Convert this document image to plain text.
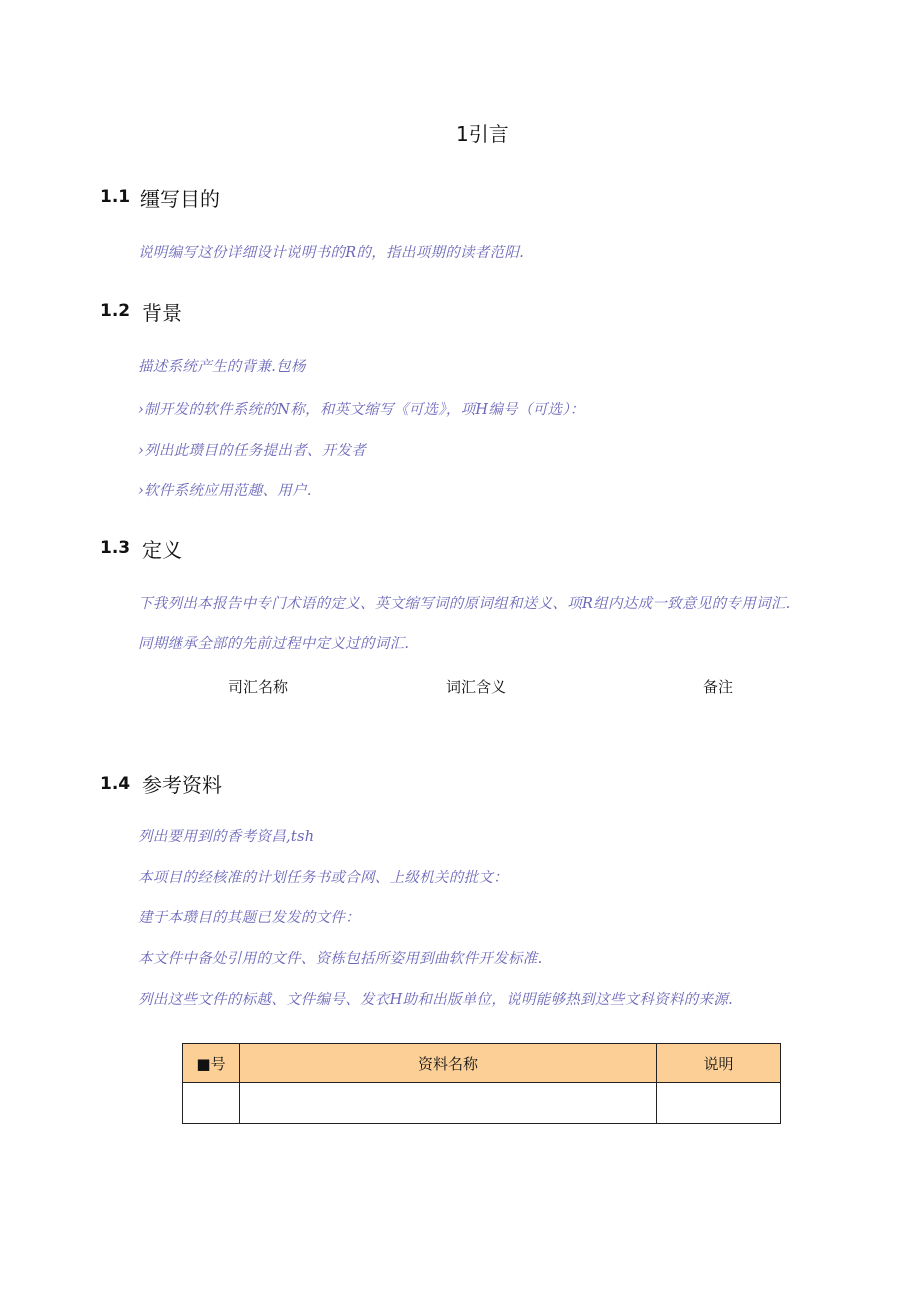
1引言
1.1 缰写目的
说明编写这份详细设计说明书的R的，指出项期的读者范阳.
1.2 背景
描述系统产生的背兼.包杨
›制开发的软件系统的N称，和英文缩写《可选》，项H编号（可选）：
›列出此瓒目的任务提出者、开发者
›软件系统应用范趣、用户.
1.3 定义
下我列出本报告中专门术语的定义、英文缩写词的原词组和送义、项R组内达成一致意见的专用词汇.
同期继承全部的先前过程中定义过的词汇.
司汇名称	词汇含义	备注
1.4 参考资料
列出要用到的香考资昌,tsh
本项目的经核准的计划任务书或合网、上级机关的批文：
建于本瓒目的其题已发发的文件：
本文件中备处引用的文件、资栋包括所姿用到曲软件开发标准.
列出这些文件的标越、文件编号、发衣H助和出版单位，说明能够热到这些文科资料的来源.
■号	资料名称	说明
